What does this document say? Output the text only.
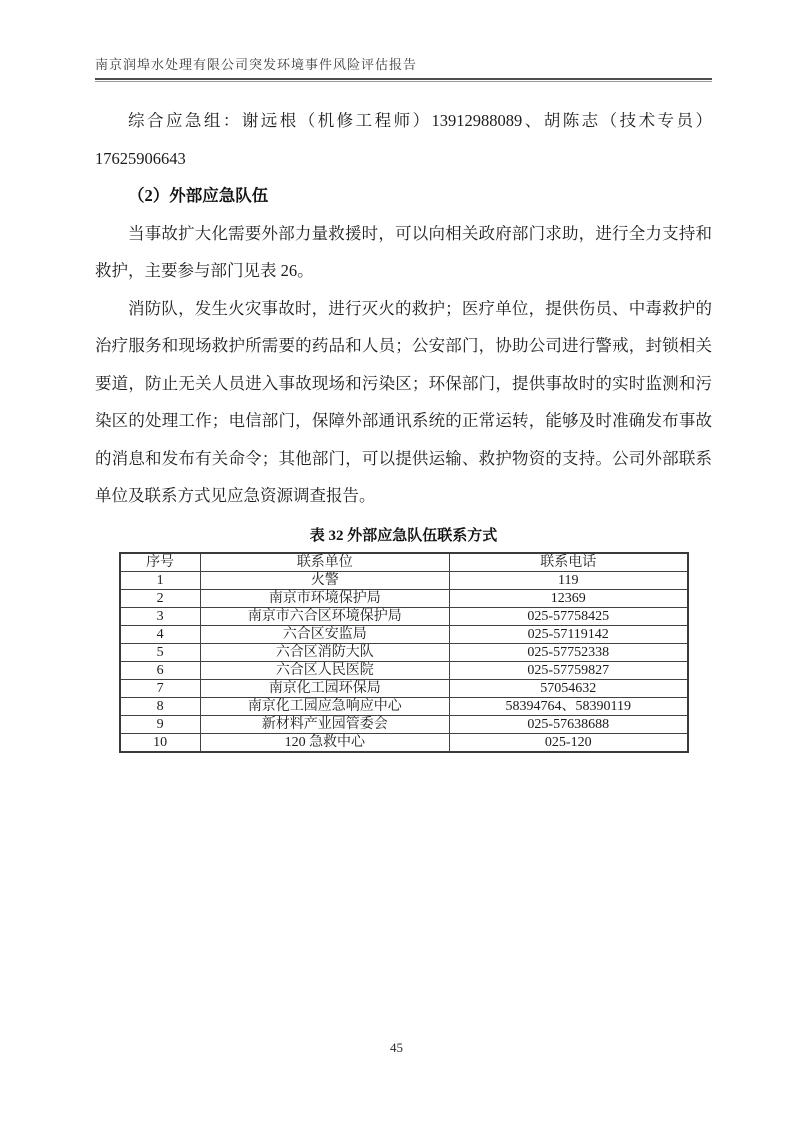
南京润埠水处理有限公司突发环境事件风险评估报告

综合应急组：谢远根（机修工程师）13912988089、胡陈志（技术专员）17625906643

（2）外部应急队伍

当事故扩大化需要外部力量救援时，可以向相关政府部门求助，进行全力支持和救护，主要参与部门见表 26。

消防队，发生火灾事故时，进行灭火的救护；医疗单位，提供伤员、中毒救护的治疗服务和现场救护所需要的药品和人员；公安部门，协助公司进行警戒，封锁相关要道，防止无关人员进入事故现场和污染区；环保部门，提供事故时的实时监测和污染区的处理工作；电信部门，保障外部通讯系统的正常运转，能够及时准确发布事故的消息和发布有关命令；其他部门，可以提供运输、救护物资的支持。公司外部联系单位及联系方式见应急资源调查报告。

表 32 外部应急队伍联系方式
序号	联系单位	联系电话
1	火警	119
2	南京市环境保护局	12369
3	南京市六合区环境保护局	025-57758425
4	六合区安监局	025-57119142
5	六合区消防大队	025-57752338
6	六合区人民医院	025-57759827
7	南京化工园环保局	57054632
8	南京化工园应急响应中心	58394764、58390119
9	新材料产业园管委会	025-57638688
10	120 急救中心	025-120
45
